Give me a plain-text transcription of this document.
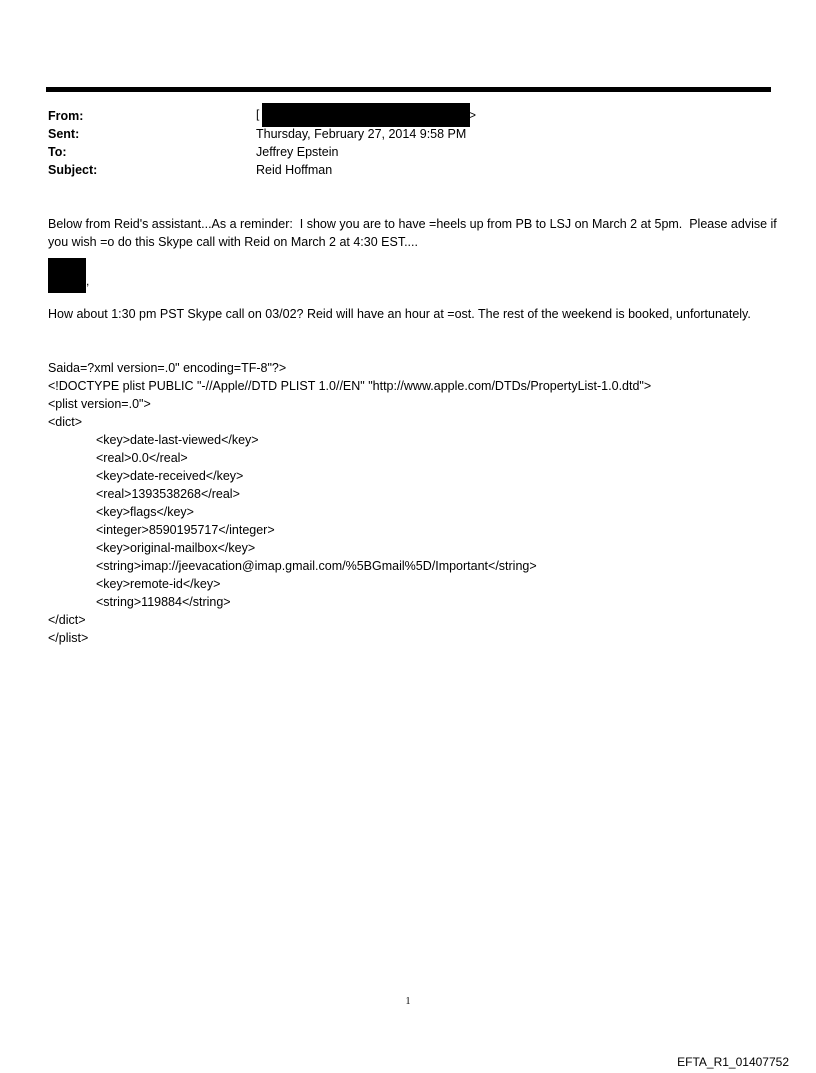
From:
Sent:
To:
Subject:
[	>
Thursday, February 27, 2014 9:58 PM
Jeffrey Epstein
Reid Hoffman

Below from Reid's assistant...As a reminder:  I show you are to have =heels up from PB to LSJ on March 2 at 5pm.  Please advise if you wish =o do this Skype call with Reid on March 2 at 4:30 EST....

,

How about 1:30 pm PST Skype call on 03/02? Reid will have an hour at =ost. The rest of the weekend is booked, unfortunately.

Saida=?xml version=.0" encoding=TF-8"?>
<!DOCTYPE plist PUBLIC "-//Apple//DTD PLIST 1.0//EN" "http://www.apple.com/DTDs/PropertyList-1.0.dtd">
<plist version=.0">
<dict>
<key>date-last-viewed</key>
<real>0.0</real>
<key>date-received</key>
<real>1393538268</real>
<key>flags</key>
<integer>8590195717</integer>
<key>original-mailbox</key>
<string>imap://jeevacation@imap.gmail.com/%5BGmail%5D/Important</string>
<key>remote-id</key>
<string>119884</string>
</dict>
</plist>
1
EFTA_R1_01407752
